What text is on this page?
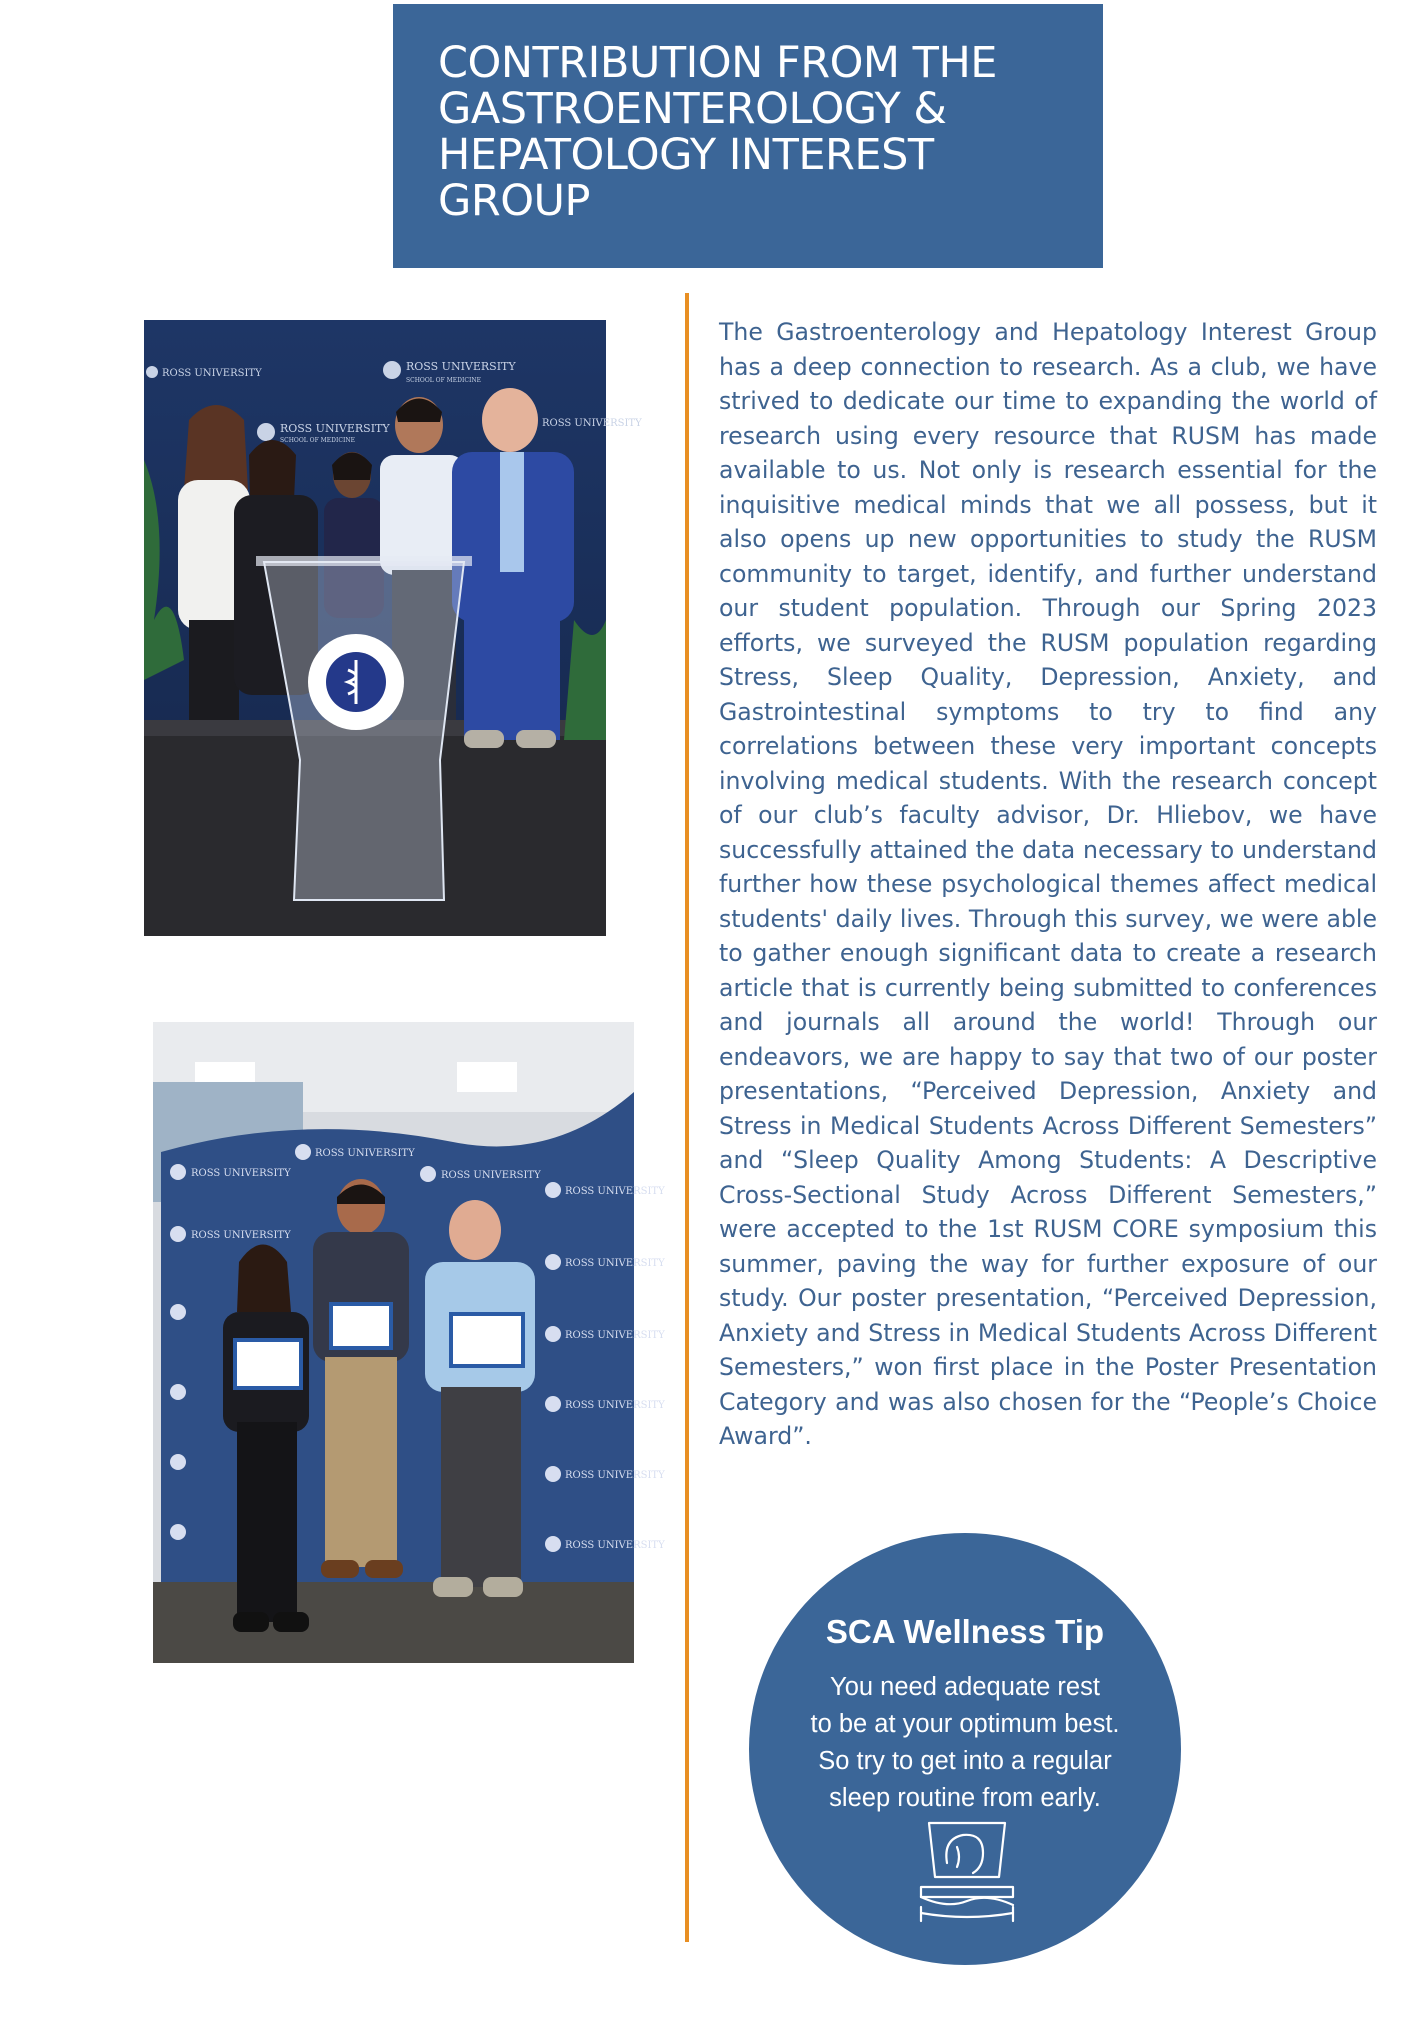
CONTRIBUTION FROM THE GASTROENTEROLOGY & HEPATOLOGY INTEREST GROUP
ROSS UNIVERSITY
ROSS UNIVERSITY
SCHOOL OF MEDICINE
ROSS UNIVERSITY
SCHOOL OF MEDICINE
ROSS UNIVERSITY
ROSS UNIVERSITY
ROSS UNIVERSITY	ROSS UNIVERSITY
ROSS UNIVERSITY
ROSS UNIVERSITY
ROSS UNIVERSITY
ROSS UNIVERSITY
ROSS UNIVERSITY
ROSS UNIVERSITY
ROSS UNIVERSITY

The Gastroenterology and Hepatology Interest Group has a deep connection to research. As a club, we have strived to dedicate our time to expanding the world of research using every resource that RUSM has made available to us. Not only is research essential for the inquisitive medical minds that we all possess, but it also opens up new opportunities to study the RUSM community to target, identify, and further understand our student population. Through our Spring 2023 efforts, we surveyed the RUSM population regarding Stress, Sleep Quality, Depression, Anxiety, and Gastrointestinal symptoms to try to find any correlations between these very important concepts involving medical students. With the research concept of our club’s faculty advisor, Dr. Hliebov, we have successfully attained the data necessary to understand further how these psychological themes affect medical students' daily lives. Through this survey, we were able to gather enough significant data to create a research article that is currently being submitted to conferences and journals all around the world! Through our endeavors, we are happy to say that two of our poster presentations, “Perceived Depression, Anxiety and Stress in Medical Students Across Different Semesters” and “Sleep Quality Among Students: A Descriptive Cross-Sectional Study Across Different Semesters,” were accepted to the 1st RUSM CORE symposium this summer, paving the way for further exposure of our study. Our poster presentation, “Perceived Depression, Anxiety and Stress in Medical Students Across Different Semesters,” won first place in the Poster Presentation Category and was also chosen for the “People’s Choice Award”.

SCA Wellness Tip
You need adequate rest
to be at your optimum best.
So try to get into a regular
sleep routine from early.
